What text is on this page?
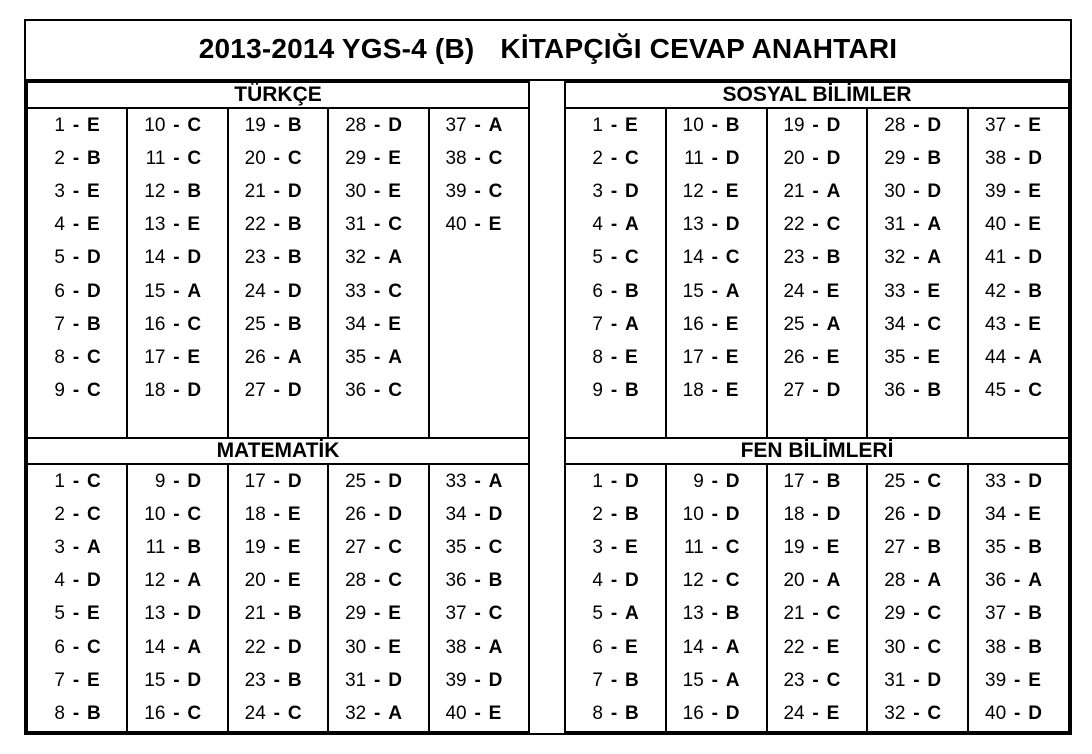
2013-2014 YGS-4 (B) KİTAPÇIĞI CEVAP ANAHTARI
TÜRKÇE
1 - E
2 - B
3 - E
4 - E
5 - D
6 - D
7 - B
8 - C
9 - C
10 - C
11 - C
12 - B
13 - E
14 - D
15 - A
16 - C
17 - E
18 - D
19 - B
20 - C
21 - D
22 - B
23 - B
24 - D
25 - B
26 - A
27 - D
28 - D
29 - E
30 - E
31 - C
32 - A
33 - C
34 - E
35 - A
36 - C
37 - A
38 - C
39 - C
40 - E
SOSYAL BİLİMLER
1 - E
2 - C
3 - D
4 - A
5 - C
6 - B
7 - A
8 - E
9 - B
10 - B
11 - D
12 - E
13 - D
14 - C
15 - A
16 - E
17 - E
18 - E
19 - D
20 - D
21 - A
22 - C
23 - B
24 - E
25 - A
26 - E
27 - D
28 - D
29 - B
30 - D
31 - A
32 - A
33 - E
34 - C
35 - E
36 - B
37 - E
38 - D
39 - E
40 - E
41 - D
42 - B
43 - E
44 - A
45 - C
MATEMATİK
1 - C
2 - C
3 - A
4 - D
5 - E
6 - C
7 - E
8 - B
9 - D
10 - C
11 - B
12 - A
13 - D
14 - A
15 - D
16 - C
17 - D
18 - E
19 - E
20 - E
21 - B
22 - D
23 - B
24 - C
25 - D
26 - D
27 - C
28 - C
29 - E
30 - E
31 - D
32 - A
33 - A
34 - D
35 - C
36 - B
37 - C
38 - A
39 - D
40 - E
FEN BİLİMLERİ
1 - D
2 - B
3 - E
4 - D
5 - A
6 - E
7 - B
8 - B
9 - D
10 - D
11 - C
12 - C
13 - B
14 - A
15 - A
16 - D
17 - B
18 - D
19 - E
20 - A
21 - C
22 - E
23 - C
24 - E
25 - C
26 - D
27 - B
28 - A
29 - C
30 - C
31 - D
32 - C
33 - D
34 - E
35 - B
36 - A
37 - B
38 - B
39 - E
40 - D
